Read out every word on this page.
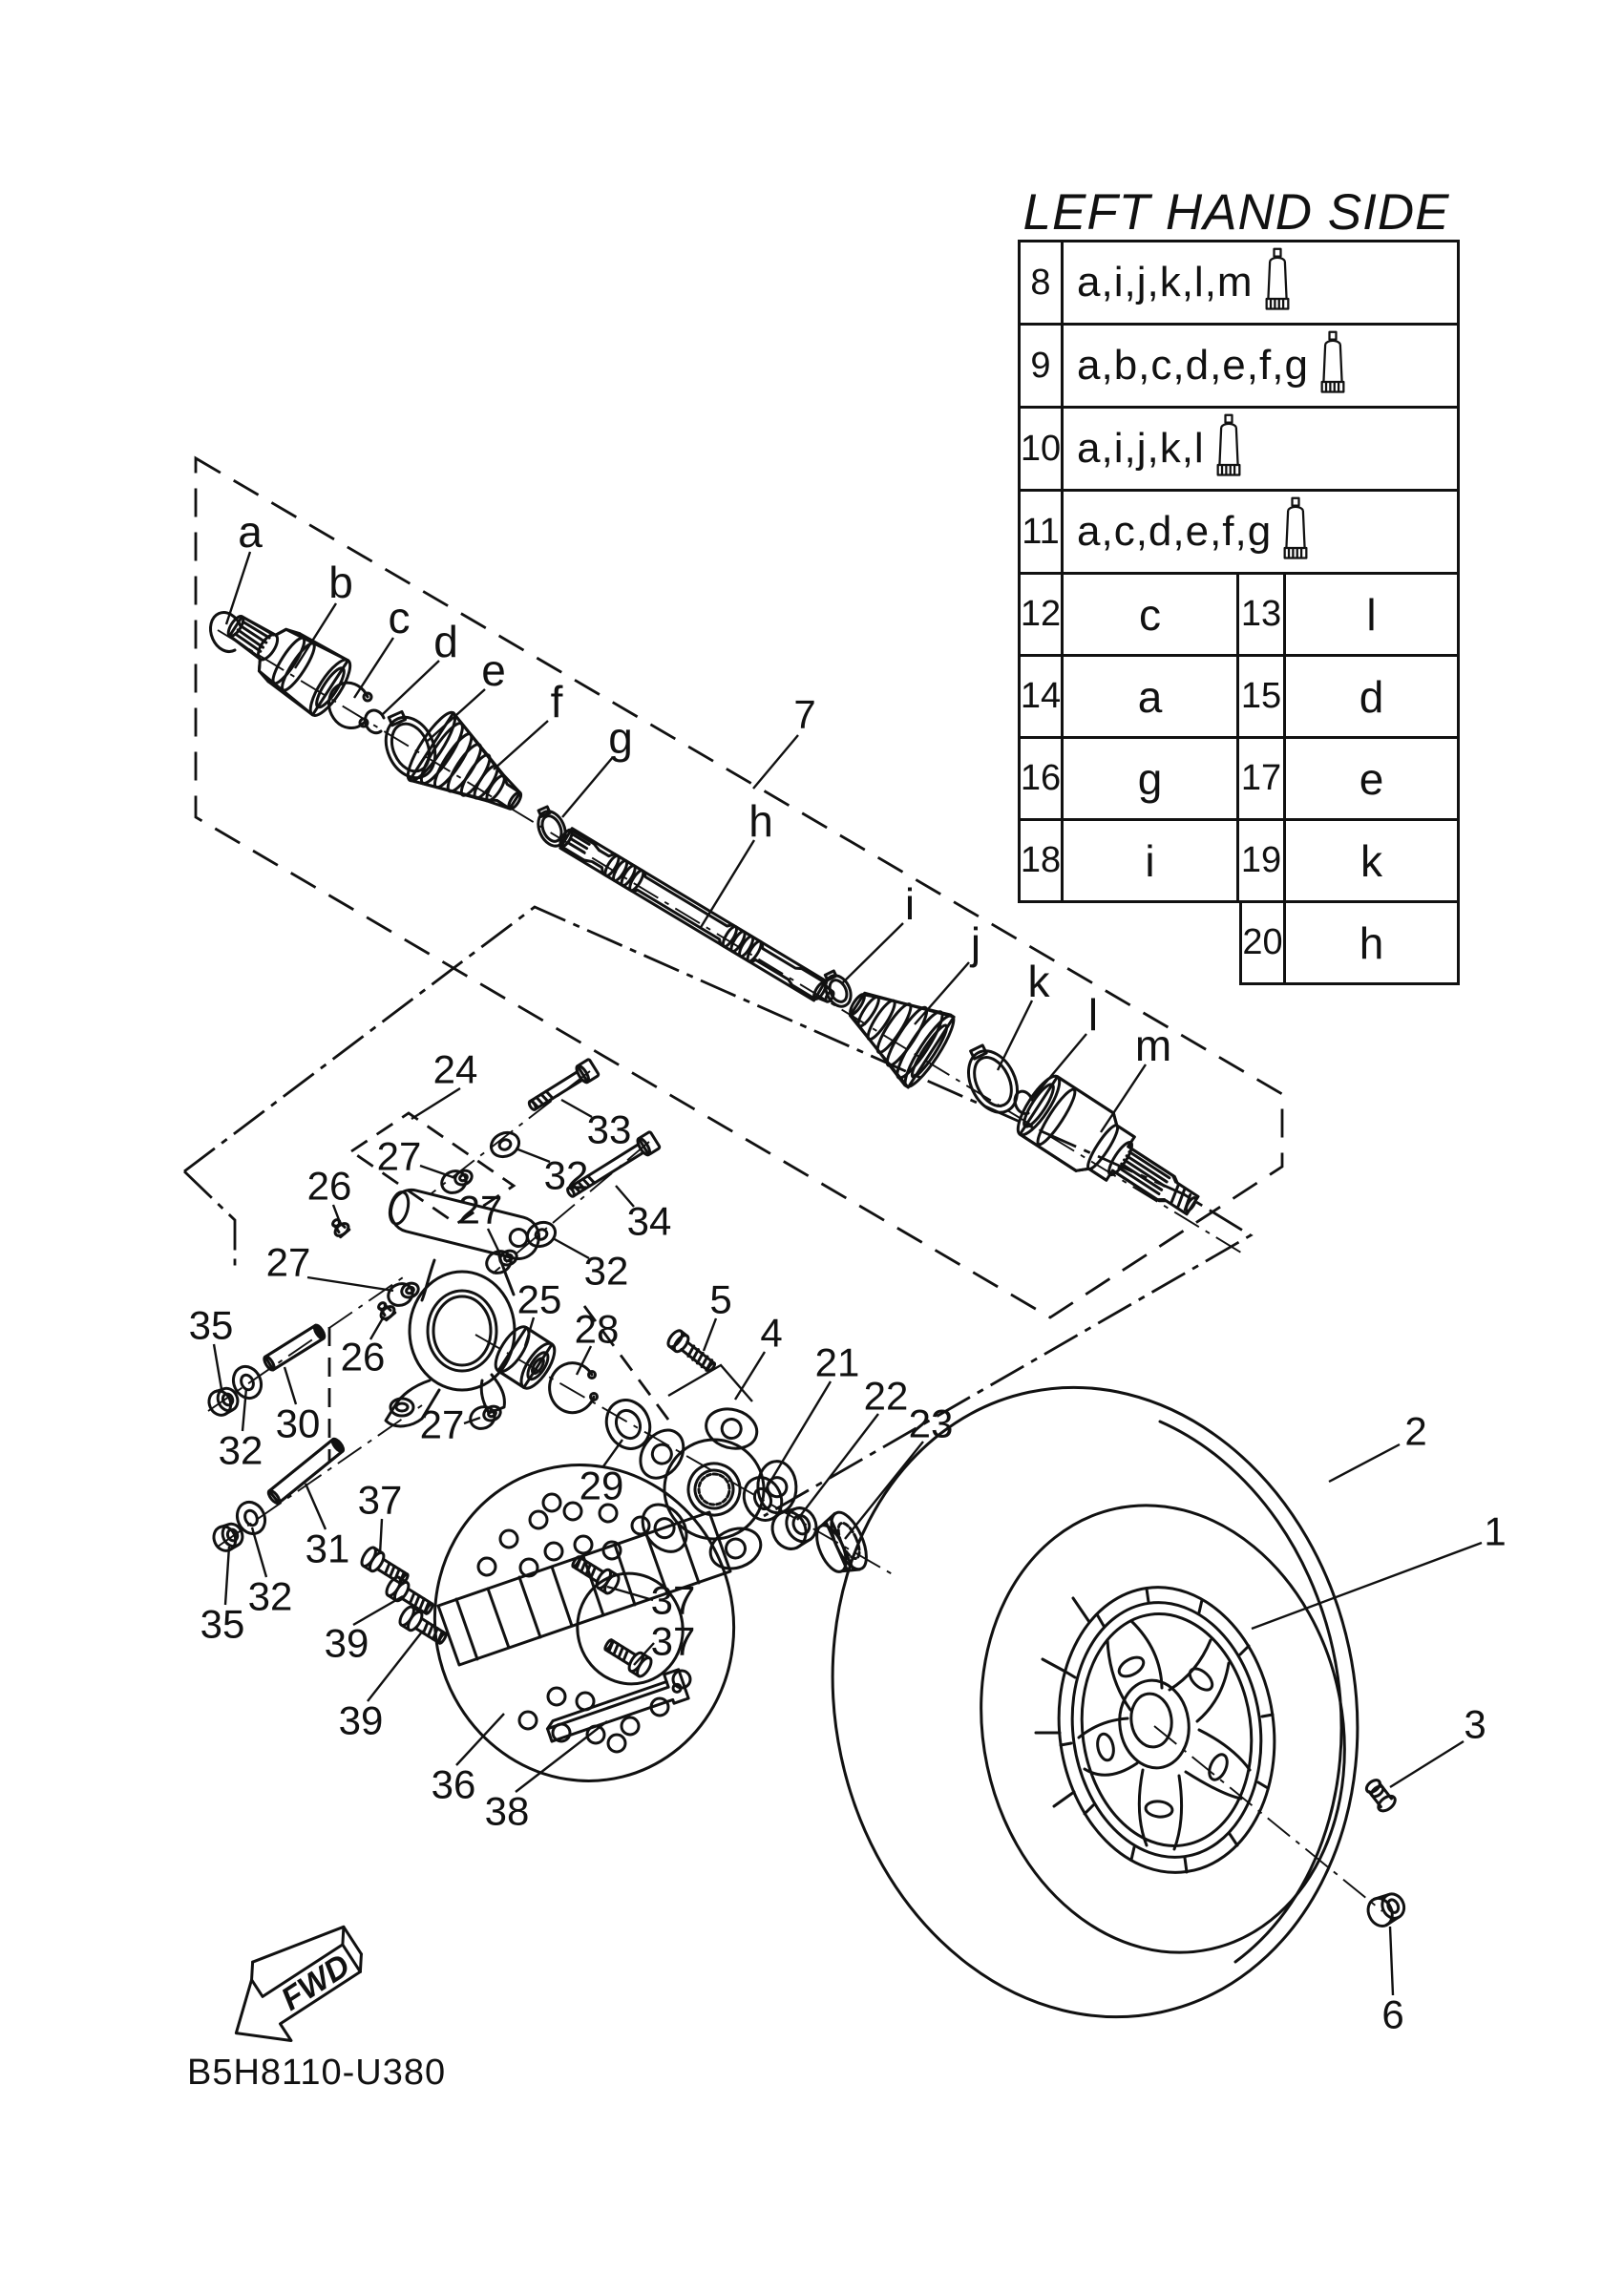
a
b
c d
e
f
g
h
i
j
k
l
m
7
24
33
27	32
34
26
27
32
27
25
28
26
35
30
32
27
5
4
21
22
23
29
31
32
35
37
39
39
36
38
37
37
2
1
3
6
FWD
LEFT HAND SIDE
8 a,i,j,k,l,m
9 a,b,c,d,e,f,g
10 a,i,j,k,l
11 a,c,d,e,f,g
12	c	13	l
14	a	15	d
16	g	17	e
18	i	19	k
20	h
B5H8110-U380
